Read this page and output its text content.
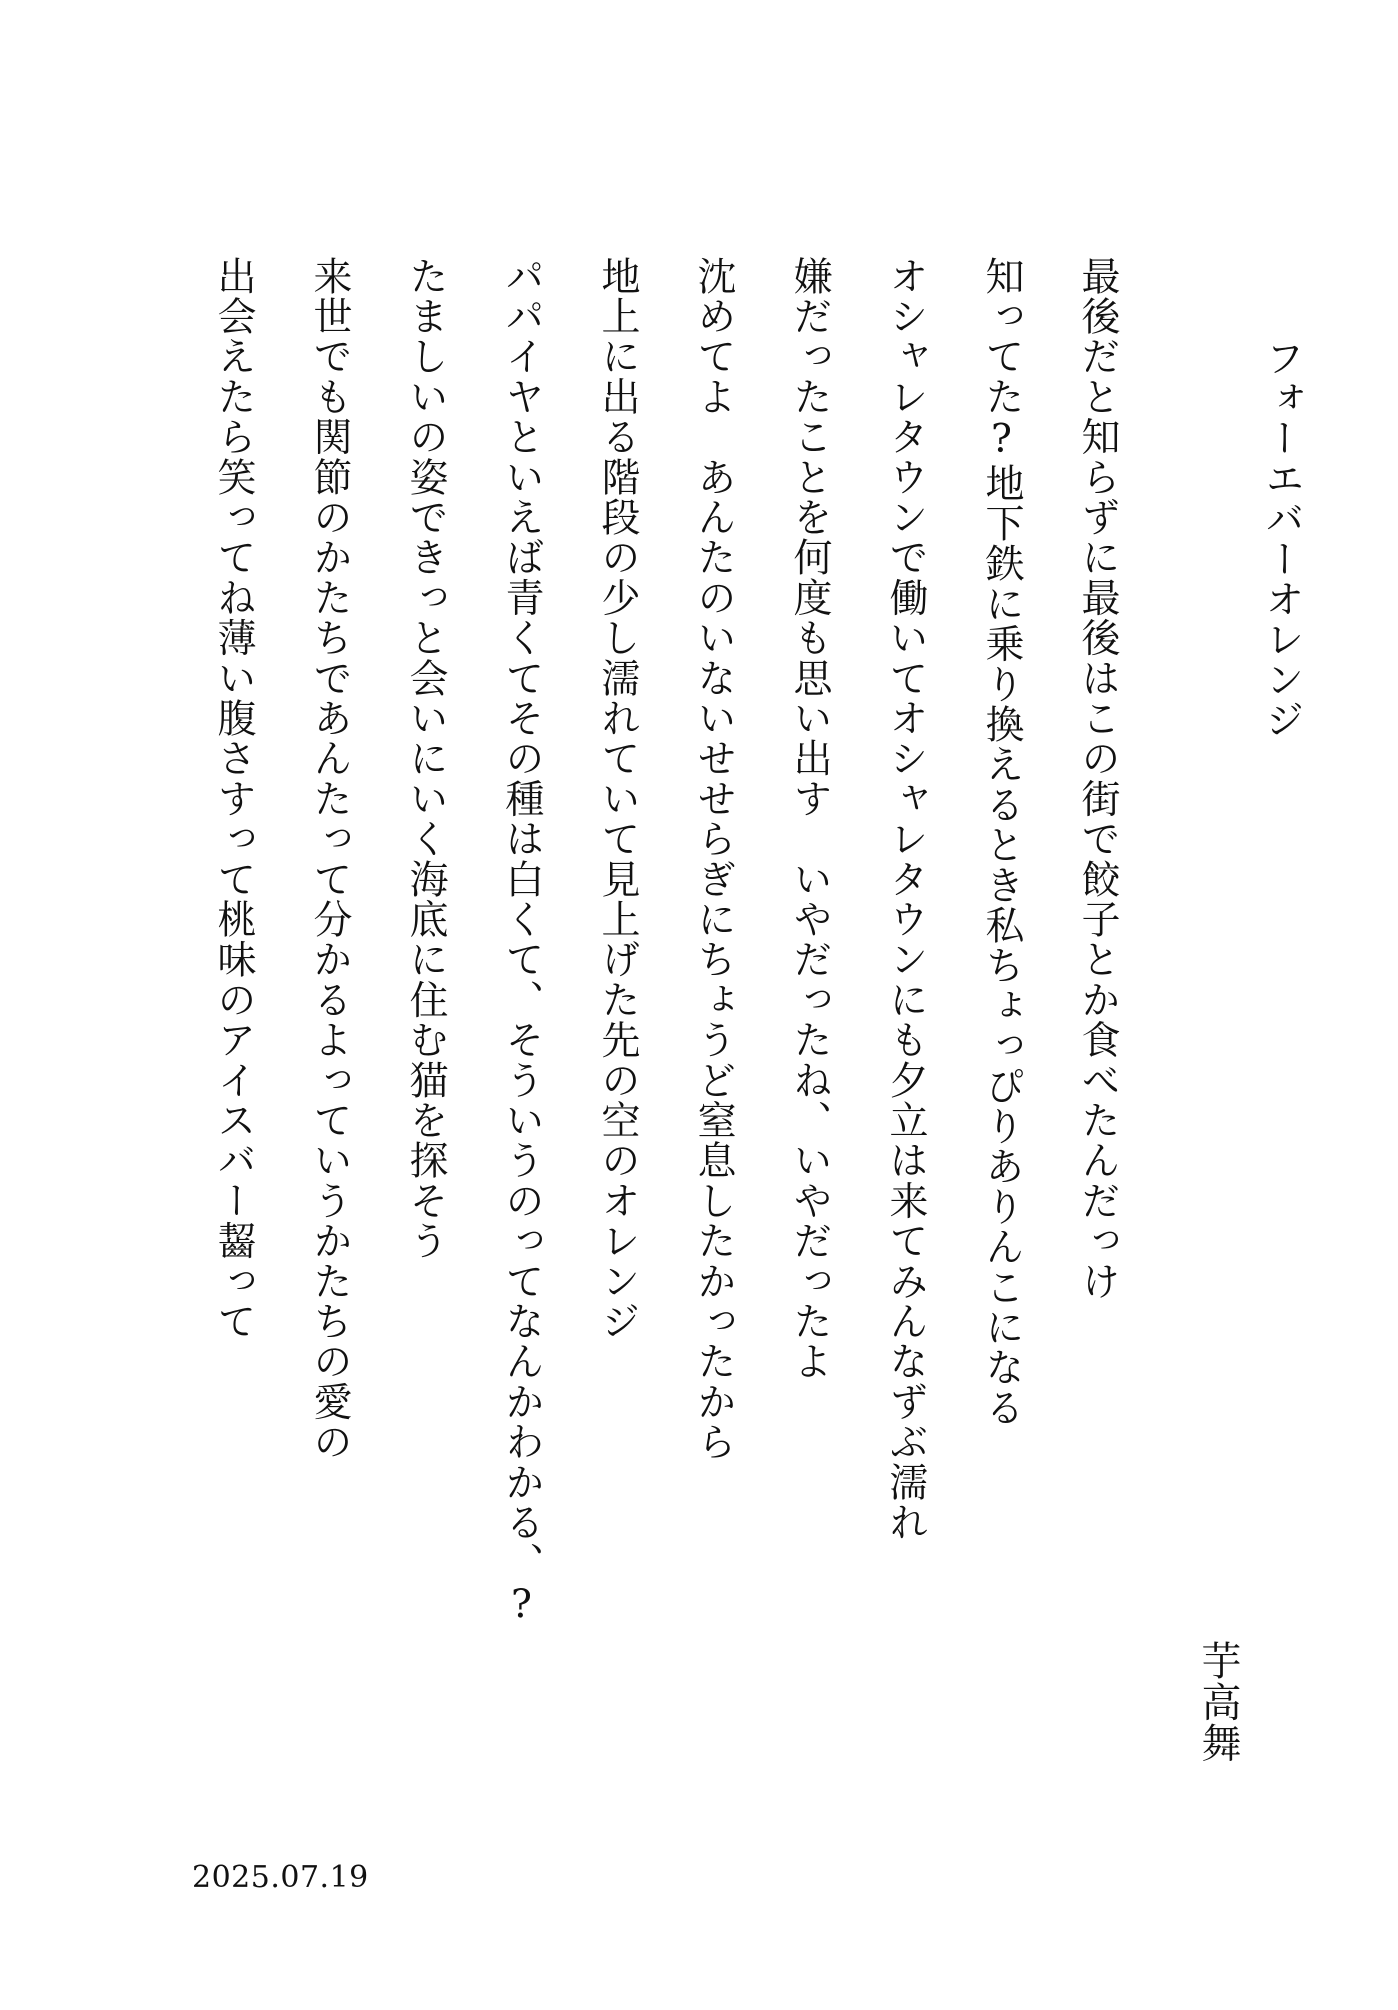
フォーエバーオレンジ
最後だと知らずに最後はこの街で餃子とか食べたんだっけ
知ってた?地下鉄に乗り換えるとき私ちょっぴりありんこになる
オシャレタウンで働いてオシャレタウンにも夕立は来てみんなずぶ濡れ
嫌だったことを何度も思い出す　いやだったね、いやだったよ
沈めてよ　あんたのいないせせらぎにちょうど窒息したかったから
地上に出る階段の少し濡れていて見上げた先の空のオレンジ
パパイヤといえば青くてその種は白くて、そういうのってなんかわかる、?
たましいの姿できっと会いにいく海底に住む猫を探そう
来世でも関節のかたちであんたって分かるよっていうかたちの愛の
出会えたら笑ってね薄い腹さすって桃味のアイスバー齧って
芋高舞
2025.07.19
